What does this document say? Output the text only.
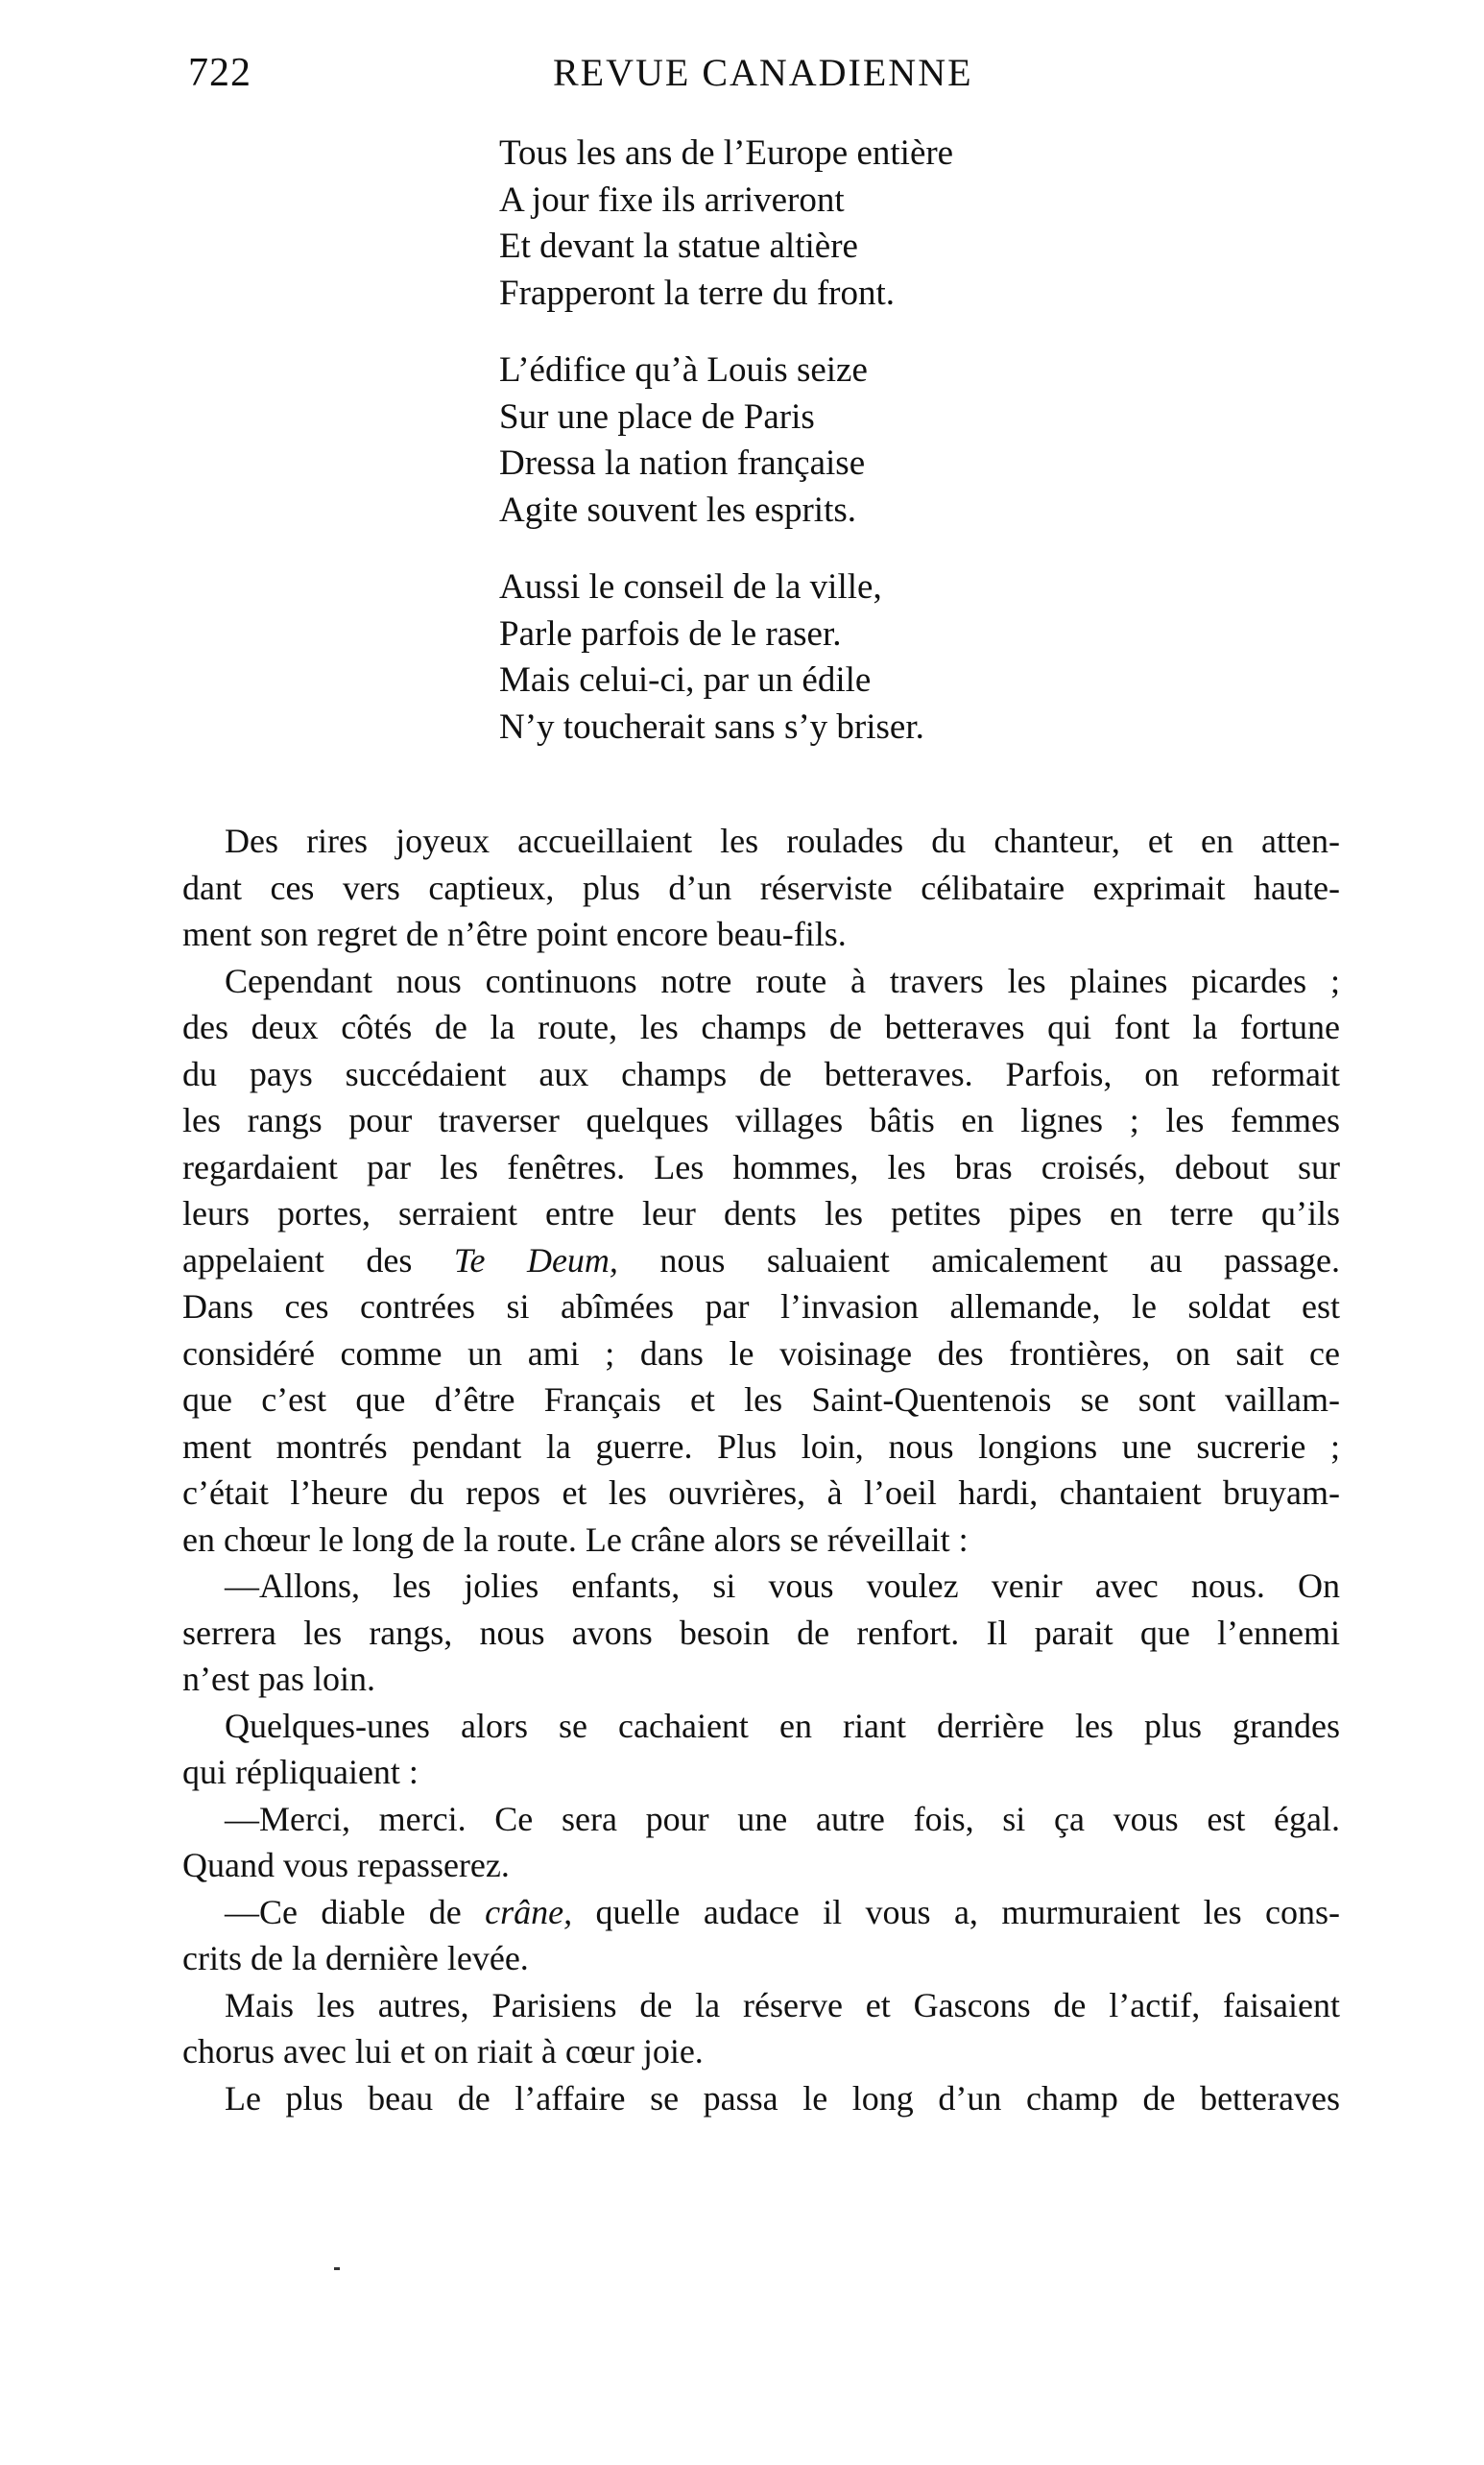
722	REVUE CANADIENNE
Tous les ans de l’Europe entière
A jour fixe ils arriveront
Et devant la statue altière
Frapperont la terre du front.
L’édifice qu’à Louis seize
Sur une place de Paris
Dressa la nation française
Agite souvent les esprits.
Aussi le conseil de la ville,
Parle parfois de le raser.
Mais celui-ci, par un édile
N’y toucherait sans s’y briser.
Des rires joyeux accueillaient les roulades du chanteur, et en atten-
dant ces vers captieux, plus d’un réserviste célibataire exprimait haute-
ment son regret de n’être point encore beau-fils.
Cependant nous continuons notre route à travers les plaines picardes ;
des deux côtés de la route, les champs de betteraves qui font la fortune
du pays succédaient aux champs de betteraves. Parfois, on reformait
les rangs pour traverser quelques villages bâtis en lignes ; les femmes
regardaient par les fenêtres. Les hommes, les bras croisés, debout sur
leurs portes, serraient entre leur dents les petites pipes en terre qu’ils
appelaient des Te Deum, nous saluaient amicalement au passage.
Dans ces contrées si abîmées par l’invasion allemande, le soldat est
considéré comme un ami ; dans le voisinage des frontières, on sait ce
que c’est que d’être Français et les Saint-Quentenois se sont vaillam-
ment montrés pendant la guerre. Plus loin, nous longions une sucrerie ;
c’était l’heure du repos et les ouvrières, à l’oeil hardi, chantaient bruyam-
en chœur le long de la route. Le crâne alors se réveillait :
—Allons, les jolies enfants, si vous voulez venir avec nous. On
serrera les rangs, nous avons besoin de renfort. Il parait que l’ennemi
n’est pas loin.
Quelques-unes alors se cachaient en riant derrière les plus grandes
qui répliquaient :
—Merci, merci. Ce sera pour une autre fois, si ça vous est égal.
Quand vous repasserez.
—Ce diable de crâne, quelle audace il vous a, murmuraient les cons-
crits de la dernière levée.
Mais les autres, Parisiens de la réserve et Gascons de l’actif, faisaient
chorus avec lui et on riait à cœur joie.
Le plus beau de l’affaire se passa le long d’un champ de betteraves
